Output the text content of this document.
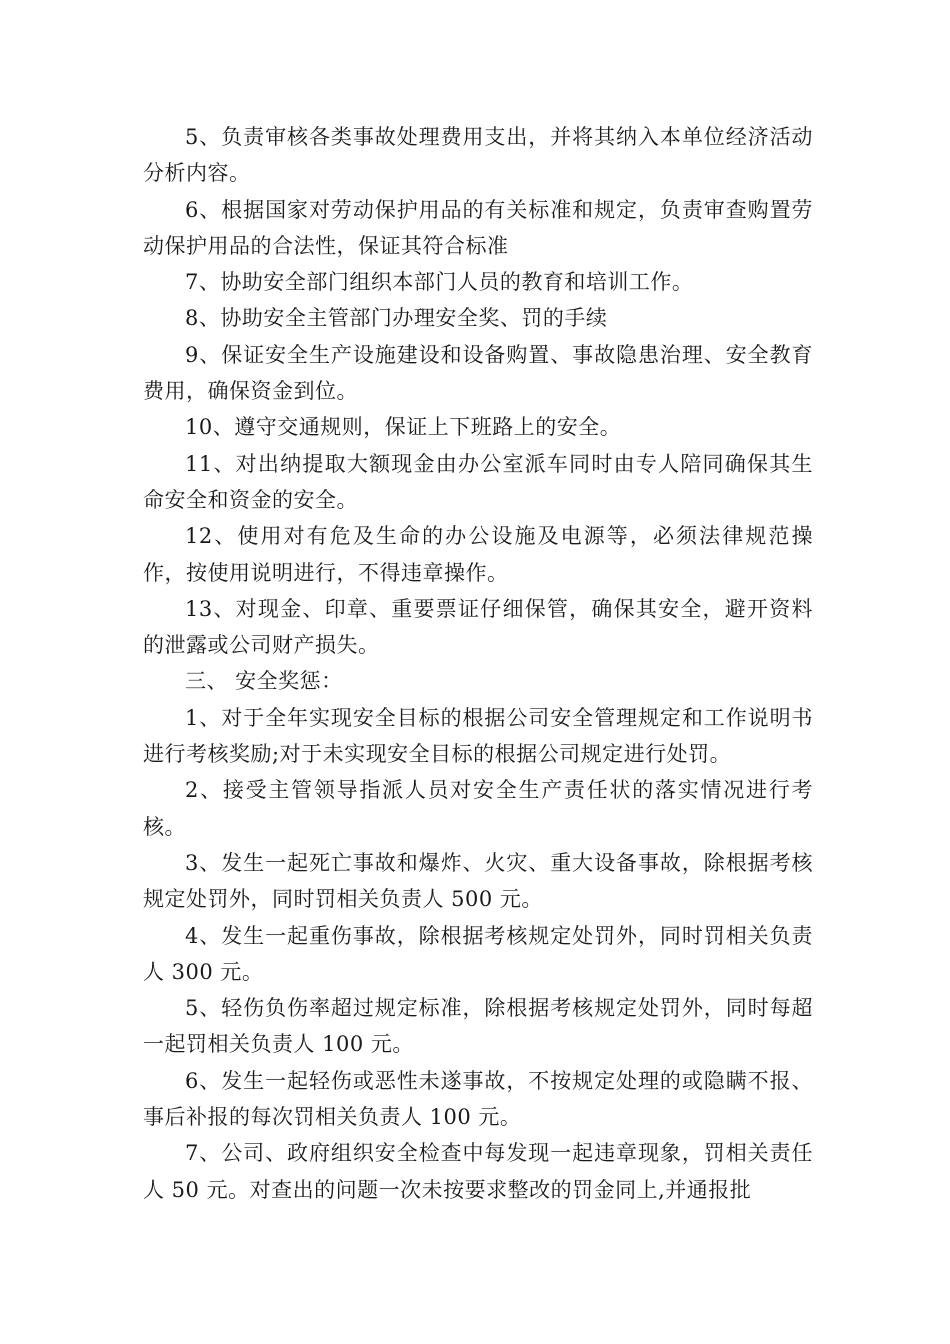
5、负责审核各类事故处理费用支出，并将其纳入本单位经济活动分析内容。

6、根据国家对劳动保护用品的有关标准和规定，负责审查购置劳动保护用品的合法性，保证其符合标准

7、协助安全部门组织本部门人员的教育和培训工作。

8、协助安全主管部门办理安全奖、罚的手续

9、保证安全生产设施建设和设备购置、事故隐患治理、安全教育费用，确保资金到位。

10、遵守交通规则，保证上下班路上的安全。

11、对出纳提取大额现金由办公室派车同时由专人陪同确保其生命安全和资金的安全。

12、使用对有危及生命的办公设施及电源等，必须法律规范操作，按使用说明进行，不得违章操作。

13、对现金、印章、重要票证仔细保管，确保其安全，避开资料的泄露或公司财产损失。

三、 安全奖惩：

1、对于全年实现安全目标的根据公司安全管理规定和工作说明书进行考核奖励;对于未实现安全目标的根据公司规定进行处罚。

2、接受主管领导指派人员对安全生产责任状的落实情况进行考核。

3、发生一起死亡事故和爆炸、火灾、重大设备事故，除根据考核规定处罚外，同时罚相关负责人 500 元。

4、发生一起重伤事故，除根据考核规定处罚外，同时罚相关负责人 300 元。

5、轻伤负伤率超过规定标准，除根据考核规定处罚外，同时每超一起罚相关负责人 100 元。

6、发生一起轻伤或恶性未遂事故，不按规定处理的或隐瞒不报、事后补报的每次罚相关负责人 100 元。

7、公司、政府组织安全检查中每发现一起违章现象，罚相关责任人 50 元。对查出的问题一次未按要求整改的罚金同上,并通报批
